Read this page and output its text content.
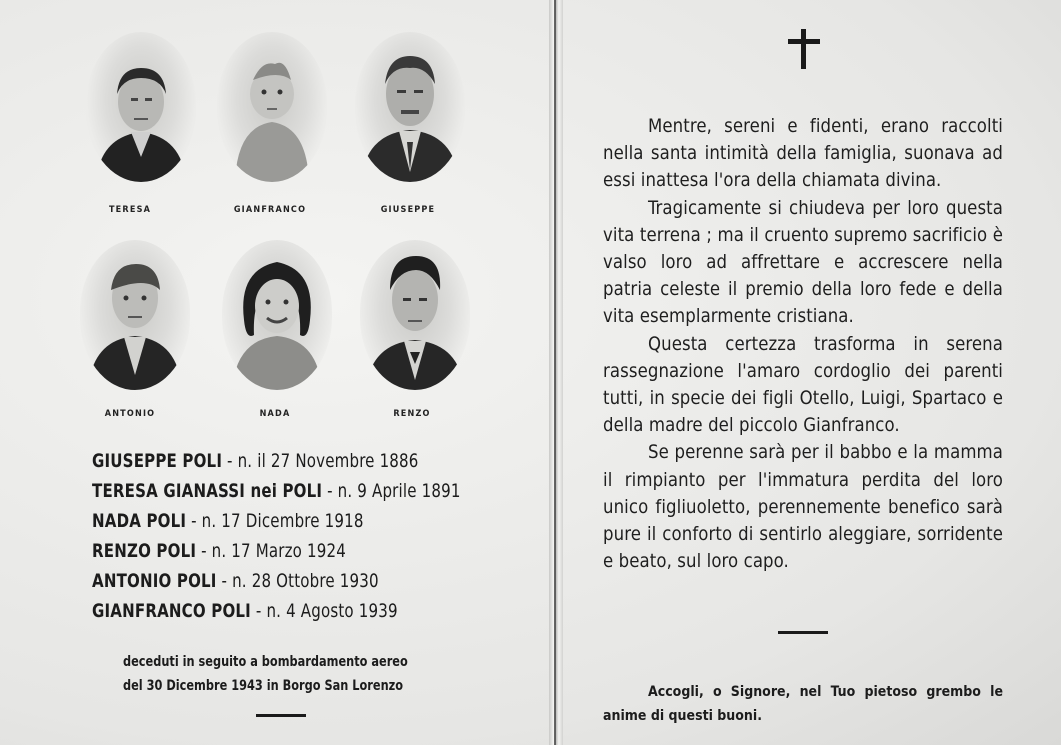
TERESA	GIANFRANCO	GIUSEPPE
ANTONIO	NADA	RENZO
GIUSEPPE POLI - n. il 27 Novembre 1886
TERESA GIANASSI nei POLI - n. 9 Aprile 1891
NADA POLI - n. 17 Dicembre 1918
RENZO POLI - n. 17 Marzo 1924
ANTONIO POLI - n. 28 Ottobre 1930
GIANFRANCO POLI - n. 4 Agosto 1939
deceduti in seguito a bombardamento aereo
del 30 Dicembre 1943 in Borgo San Lorenzo

Mentre, sereni e fidenti, erano raccolti nella santa intimità della famiglia, suonava ad essi inattesa l'ora della chiamata divina.

Tragicamente si chiudeva per loro questa vita terrena ; ma il cruento supremo sacrificio è valso loro ad affrettare e accrescere nella patria celeste il premio della loro fede e della vita esemplarmente cristiana.

Questa certezza trasforma in serena rassegnazione l'amaro cordoglio dei parenti tutti, in specie dei figli Otello, Luigi, Spartaco e della madre del piccolo Gianfranco.

Se perenne sarà per il babbo e la mamma il rimpianto per l'immatura perdita del loro unico figliuoletto, perennemente benefico sarà pure il conforto di sentirlo aleggiare, sorridente e beato, sul loro capo.

Accogli, o Signore, nel Tuo pietoso grembo le anime di questi buoni.
